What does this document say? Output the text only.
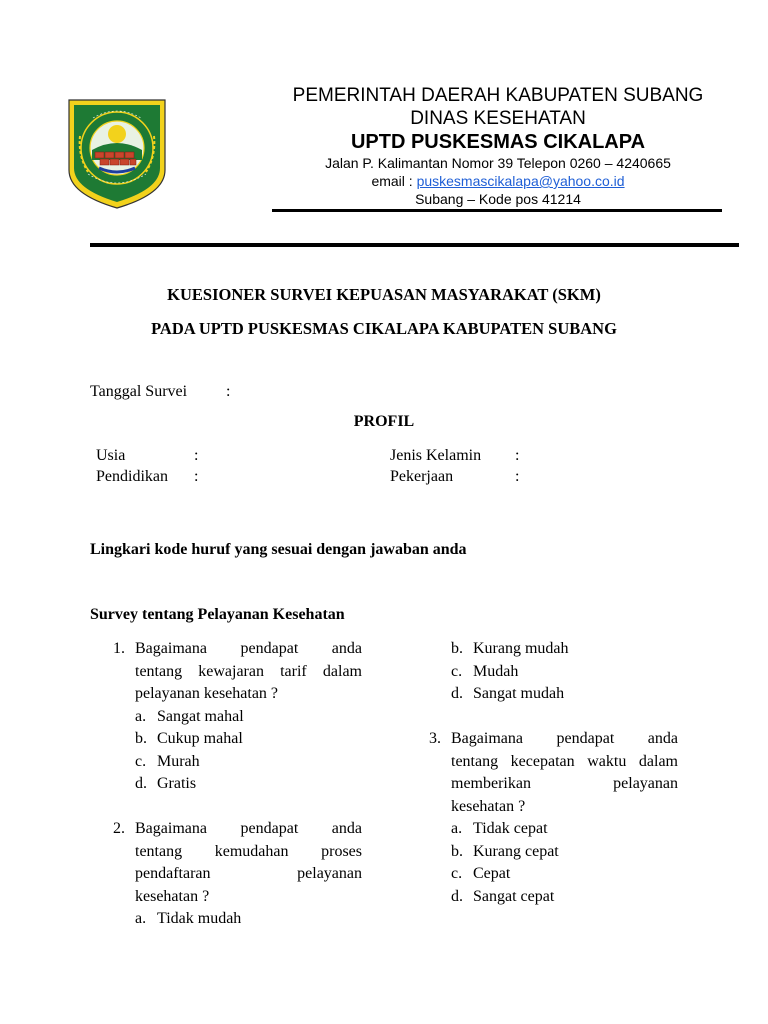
PEMERINTAH DAERAH KABUPATEN SUBANG
DINAS KESEHATAN
UPTD PUSKESMAS CIKALAPA
Jalan P. Kalimantan Nomor 39 Telepon 0260 – 4240665
email : puskesmascikalapa@yahoo.co.id
Subang – Kode pos 41214
KUESIONER SURVEI KEPUASAN MASYARAKAT (SKM)
PADA UPTD PUSKESMAS CIKALAPA KABUPATEN SUBANG
Tanggal Survei :
PROFIL
Usia	:
Pendidikan :
Jenis Kelamin :
Pekerjaan	:
Lingkari kode huruf yang sesuai dengan jawaban anda
Survey tentang Pelayanan Kesehatan
1. Bagaimana pendapat anda
tentang kewajaran tarif dalam
pelayanan kesehatan ?
a. Sangat mahal
b. Cukup mahal
c. Murah
d. Gratis
2. Bagaimana pendapat anda
tentang kemudahan proses
pendaftaran pelayanan
kesehatan ?
a. Tidak mudah
b. Kurang mudah
c. Mudah
d. Sangat mudah
3. Bagaimana pendapat anda
tentang kecepatan waktu dalam
memberikan pelayanan
kesehatan ?
a. Tidak cepat
b. Kurang cepat
c. Cepat
d. Sangat cepat
